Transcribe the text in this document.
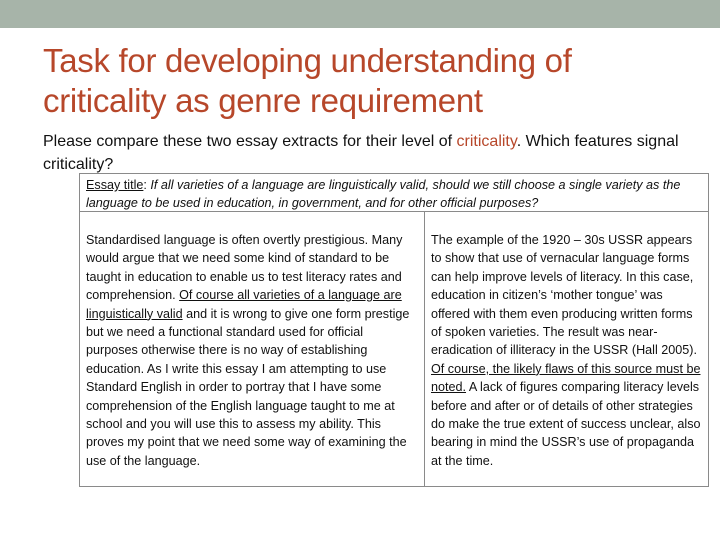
Task for developing understanding of criticality as genre requirement

Please compare these two essay extracts for their level of criticality. Which features signal criticality?

Essay title: If all varieties of a language are linguistically valid, should we still choose a single variety as the language to be used in education, in government, and for other official purposes?
Standardised language is often overtly prestigious. Many would argue that we need some kind of standard to be taught in education to enable us to test literacy rates and comprehension. Of course all varieties of a language are linguistically valid and it is wrong to give one form prestige but we need a functional standard used for official purposes otherwise there is no way of establishing education. As I write this essay I am attempting to use Standard English in order to portray that I have some comprehension of the English language taught to me at school and you will use this to assess my ability. This proves my point that we need some way of examining the use of the language.
The example of the 1920 – 30s USSR appears to show that use of vernacular language forms can help improve levels of literacy. In this case, education in citizen’s ‘mother tongue’ was offered with them even producing written forms of spoken varieties. The result was near-eradication of illiteracy in the USSR (Hall 2005). Of course, the likely flaws of this source must be noted. A lack of figures comparing literacy levels before and after or of details of other strategies do make the true extent of success unclear, also bearing in mind the USSR’s use of propaganda at the time.
